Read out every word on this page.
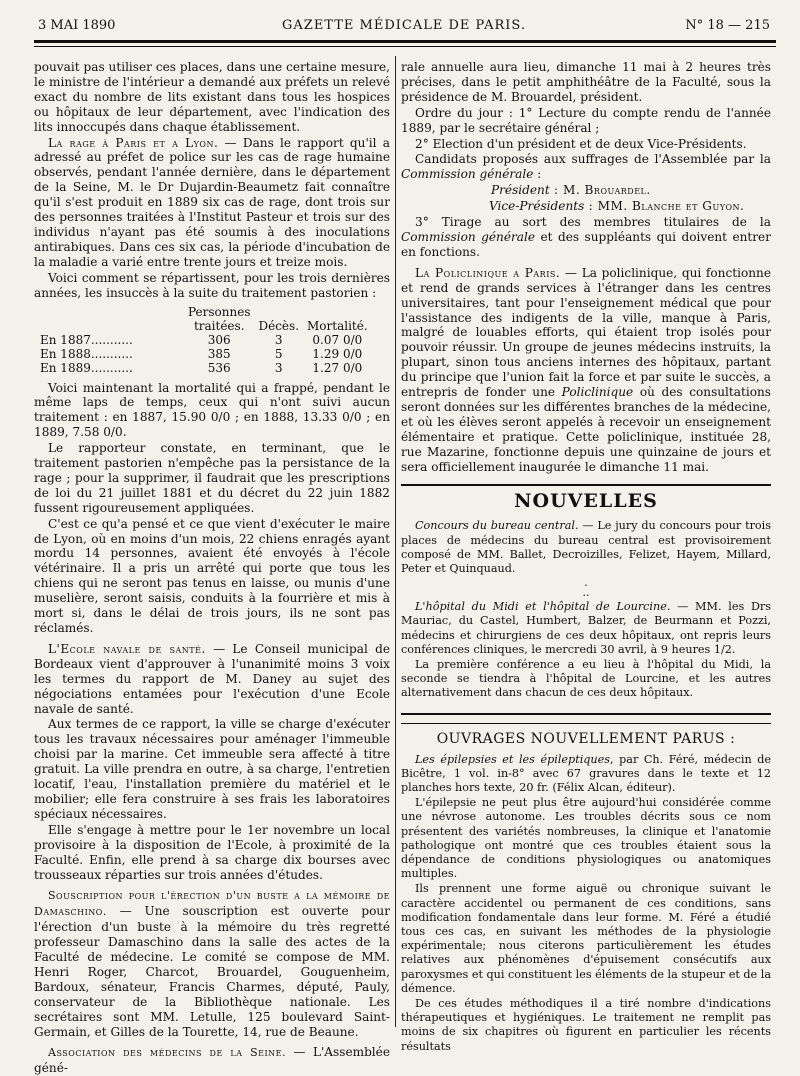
3 MAI 1890	GAZETTE MÉDICALE DE PARIS.	N° 18 — 215

pouvait pas utiliser ces places, dans une certaine mesure, le ministre de l'intérieur a demandé aux préfets un relevé exact du nombre de lits existant dans tous les hospices ou hôpitaux de leur département, avec l'indication des lits innoccupés dans chaque établissement.

La rage à Paris et a Lyon. — Dans le rapport qu'il a adressé au préfet de police sur les cas de rage humaine observés, pendant l'année dernière, dans le département de la Seine, M. le Dr Dujardin-Beaumetz fait connaître qu'il s'est produit en 1889 six cas de rage, dont trois sur des personnes traitées à l'Institut Pasteur et trois sur des individus n'ayant pas été soumis à des inoculations antirabiques. Dans ces six cas, la période d'incubation de la maladie a varié entre trente jours et treize mois.

Voici comment se répartissent, pour les trois dernières années, les insuccès à la suite du traitement pastorien :

	Personnes		
	traitées.	Décès.	Mortalité.
En 1887...........	306	3	0.07 0/0
En 1888...........	385	5	1.29 0/0
En 1889...........	536	3	1.27 0/0

Voici maintenant la mortalité qui a frappé, pendant le même laps de temps, ceux qui n'ont suivi aucun traitement : en 1887, 15.90 0/0 ; en 1888, 13.33 0/0 ; en 1889, 7.58 0/0.

Le rapporteur constate, en terminant, que le traitement pastorien n'empêche pas la persistance de la rage ; pour la supprimer, il faudrait que les prescriptions de loi du 21 juillet 1881 et du décret du 22 juin 1882 fussent rigoureusement appliquées.

C'est ce qu'a pensé et ce que vient d'exécuter le maire de Lyon, où en moins d'un mois, 22 chiens enragés ayant mordu 14 personnes, avaient été envoyés à l'école vétérinaire. Il a pris un arrêté qui porte que tous les chiens qui ne seront pas tenus en laisse, ou munis d'une muselière, seront saisis, conduits à la fourrière et mis à mort si, dans le délai de trois jours, ils ne sont pas réclamés.

L'Ecole navale de santé. — Le Conseil municipal de Bordeaux vient d'approuver à l'unanimité moins 3 voix les termes du rapport de M. Daney au sujet des négociations entamées pour l'exécution d'une Ecole navale de santé.

Aux termes de ce rapport, la ville se charge d'exécuter tous les travaux nécessaires pour aménager l'immeuble choisi par la marine. Cet immeuble sera affecté à titre gratuit. La ville prendra en outre, à sa charge, l'entretien locatif, l'eau, l'installation première du matériel et le mobilier; elle fera construire à ses frais les laboratoires spéciaux nécessaires.

Elle s'engage à mettre pour le 1er novembre un local provisoire à la disposition de l'Ecole, à proximité de la Faculté. Enfin, elle prend à sa charge dix bourses avec trousseaux réparties sur trois années d'études.

Souscription pour l'érection d'un buste a la mémoire de Damaschino. — Une souscription est ouverte pour l'érection d'un buste à la mémoire du très regretté professeur Damaschino dans la salle des actes de la Faculté de médecine. Le comité se compose de MM. Henri Roger, Charcot, Brouardel, Gouguenheim, Bardoux, sénateur, Francis Charmes, député, Pauly, conservateur de la Bibliothèque nationale. Les secrétaires sont MM. Letulle, 125 boulevard Saint-Germain, et Gilles de la Tourette, 14, rue de Beaune.

Association des médecins de la Seine. — L'Assemblée géné-

rale annuelle aura lieu, dimanche 11 mai à 2 heures très précises, dans le petit amphithéâtre de la Faculté, sous la présidence de M. Brouardel, président.

Ordre du jour : 1° Lecture du compte rendu de l'année 1889, par le secrétaire général ;

2° Election d'un président et de deux Vice-Présidents.

Candidats proposés aux suffrages de l'Assemblée par la Commission générale :

Président : M. Brouardel.

Vice-Présidents : MM. Blanche et Guyon.

3° Tirage au sort des membres titulaires de la Commission générale et des suppléants qui doivent entrer en fonctions.

La Policlinique a Paris. — La policlinique, qui fonctionne et rend de grands services à l'étranger dans les centres universitaires, tant pour l'enseignement médical que pour l'assistance des indigents de la ville, manque à Paris, malgré de louables efforts, qui étaient trop isolés pour pouvoir réussir. Un groupe de jeunes médecins instruits, la plupart, sinon tous anciens internes des hôpitaux, partant du principe que l'union fait la force et par suite le succès, a entrepris de fonder une Policlinique où des consultations seront données sur les différentes branches de la médecine, et où les élèves seront appelés à recevoir un enseignement élémentaire et pratique. Cette policlinique, instituée 28, rue Mazarine, fonctionne depuis une quinzaine de jours et sera officiellement inaugurée le dimanche 11 mai.

NOUVELLES

Concours du bureau central. — Le jury du concours pour trois places de médecins du bureau central est provisoirement composé de MM. Ballet, Decroizilles, Felizet, Hayem, Millard, Peter et Quinquaud.

.
..

L'hôpital du Midi et l'hôpital de Lourcine. — MM. les Drs Mauriac, du Castel, Humbert, Balzer, de Beurmann et Pozzi, médecins et chirurgiens de ces deux hôpitaux, ont repris leurs conférences cliniques, le mercredi 30 avril, à 9 heures 1/2.

La première conférence a eu lieu à l'hôpital du Midi, la seconde se tiendra à l'hôpital de Lourcine, et les autres alternativement dans chacun de ces deux hôpitaux.

OUVRAGES NOUVELLEMENT PARUS :

Les épilepsies et les épileptiques, par Ch. Féré, médecin de Bicêtre, 1 vol. in-8° avec 67 gravures dans le texte et 12 planches hors texte, 20 fr. (Félix Alcan, éditeur).

L'épilepsie ne peut plus être aujourd'hui considérée comme une névrose autonome. Les troubles décrits sous ce nom présentent des variétés nombreuses, la clinique et l'anatomie pathologique ont montré que ces troubles étaient sous la dépendance de conditions physiologiques ou anatomiques multiples.

Ils prennent une forme aiguë ou chronique suivant le caractère accidentel ou permanent de ces conditions, sans modification fondamentale dans leur forme. M. Féré a étudié tous ces cas, en suivant les méthodes de la physiologie expérimentale; nous citerons particulièrement les études relatives aux phénomènes d'épuisement consécutifs aux paroxysmes et qui constituent les éléments de la stupeur et de la démence.

De ces études méthodiques il a tiré nombre d'indications thérapeutiques et hygiéniques. Le traitement ne remplit pas moins de six chapitres où figurent en particulier les récents résultats
